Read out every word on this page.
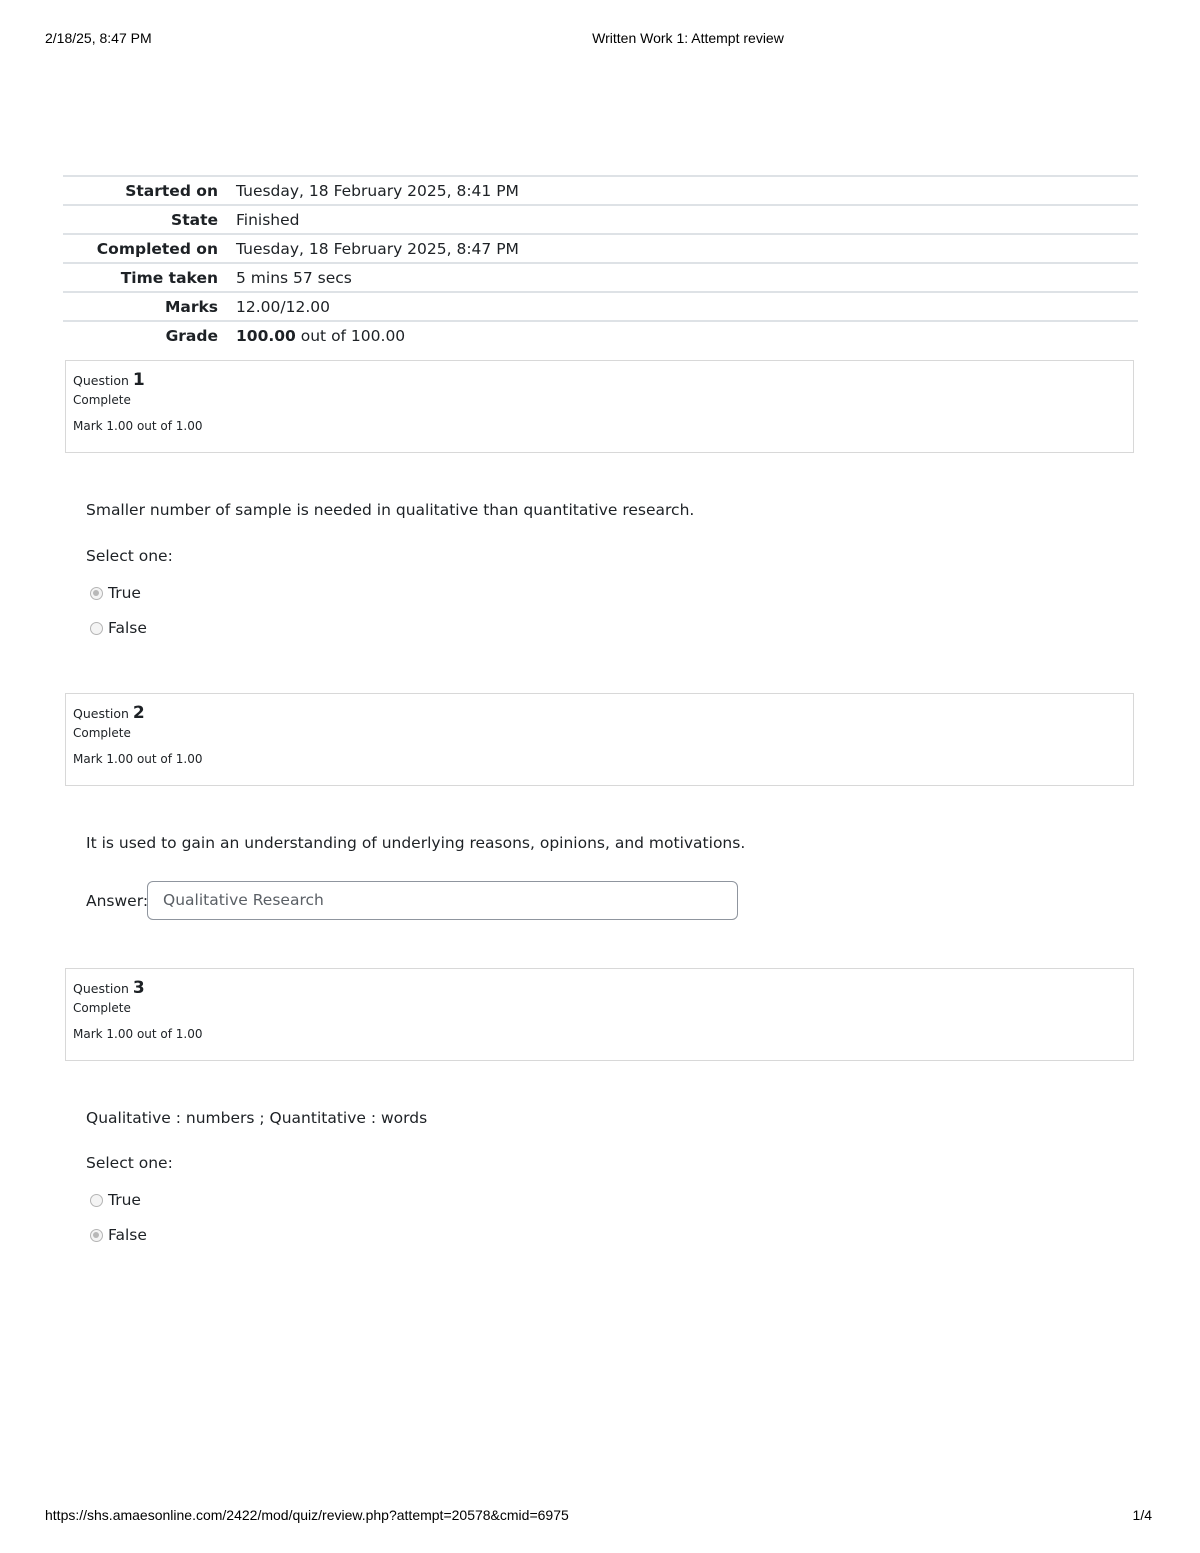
2/18/25, 8:47 PM	Written Work 1: Attempt review
Started on	Tuesday, 18 February 2025, 8:41 PM
State	Finished
Completed on	Tuesday, 18 February 2025, 8:47 PM
Time taken	5 mins 57 secs
Marks	12.00/12.00
Grade	100.00 out of 100.00
Question 1
Complete
Mark 1.00 out of 1.00
Smaller number of sample is needed in qualitative than quantitative research.
Select one:
True
False
Question 2
Complete
Mark 1.00 out of 1.00
It is used to gain an understanding of underlying reasons, opinions, and motivations.
Answer: Qualitative Research
Question 3
Complete
Mark 1.00 out of 1.00
Qualitative : numbers ; Quantitative : words
Select one:
True
False
https://shs.amaesonline.com/2422/mod/quiz/review.php?attempt=20578&cmid=6975	1/4
